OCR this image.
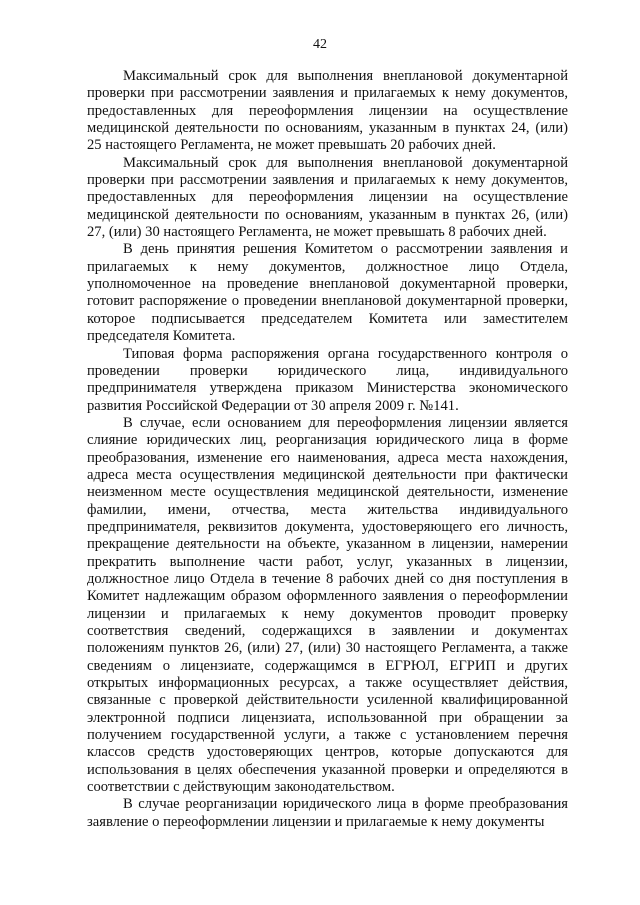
42

Максимальный срок для выполнения внеплановой документарной проверки при рассмотрении заявления и прилагаемых к нему документов, предоставленных для переоформления лицензии на осуществление медицинской деятельности по основаниям, указанным в пунктах 24, (или) 25 настоящего Регламента, не может превышать 20 рабочих дней.

Максимальный срок для выполнения внеплановой документарной проверки при рассмотрении заявления и прилагаемых к нему документов, предоставленных для переоформления лицензии на осуществление медицинской деятельности по основаниям, указанным в пунктах 26, (или) 27, (или) 30 настоящего Регламента, не может превышать 8 рабочих дней.

В день принятия решения Комитетом о рассмотрении заявления и прилагаемых к нему документов, должностное лицо Отдела, уполномоченное на проведение внеплановой документарной проверки, готовит распоряжение о проведении внеплановой документарной проверки, которое подписывается председателем Комитета или заместителем председателя Комитета.

Типовая форма распоряжения органа государственного контроля о проведении проверки юридического лица, индивидуального предпринимателя утверждена приказом Министерства экономического развития Российской Федерации от 30 апреля 2009 г. №141.

В случае, если основанием для переоформления лицензии является слияние юридических лиц, реорганизация юридического лица в форме преобразования, изменение его наименования, адреса места нахождения, адреса места осуществления медицинской деятельности при фактически неизменном месте осуществления медицинской деятельности, изменение фамилии, имени, отчества, места жительства индивидуального предпринимателя, реквизитов документа, удостоверяющего его личность, прекращение деятельности на объекте, указанном в лицензии, намерении прекратить выполнение части работ, услуг, указанных в лицензии, должностное лицо Отдела в течение 8 рабочих дней со дня поступления в Комитет надлежащим образом оформленного заявления о переоформлении лицензии и прилагаемых к нему документов проводит проверку соответствия сведений, содержащихся в заявлении и документах положениям пунктов 26, (или) 27, (или) 30 настоящего Регламента, а также сведениям о лицензиате, содержащимся в ЕГРЮЛ, ЕГРИП и других открытых информационных ресурсах, а также осуществляет действия, связанные с проверкой действительности усиленной квалифицированной электронной подписи лицензиата, использованной при обращении за получением государственной услуги, а также с установлением перечня классов средств удостоверяющих центров, которые допускаются для использования в целях обеспечения указанной проверки и определяются в соответствии с действующим законодательством.

В случае реорганизации юридического лица в форме преобразования заявление о переоформлении лицензии и прилагаемые к нему документы
